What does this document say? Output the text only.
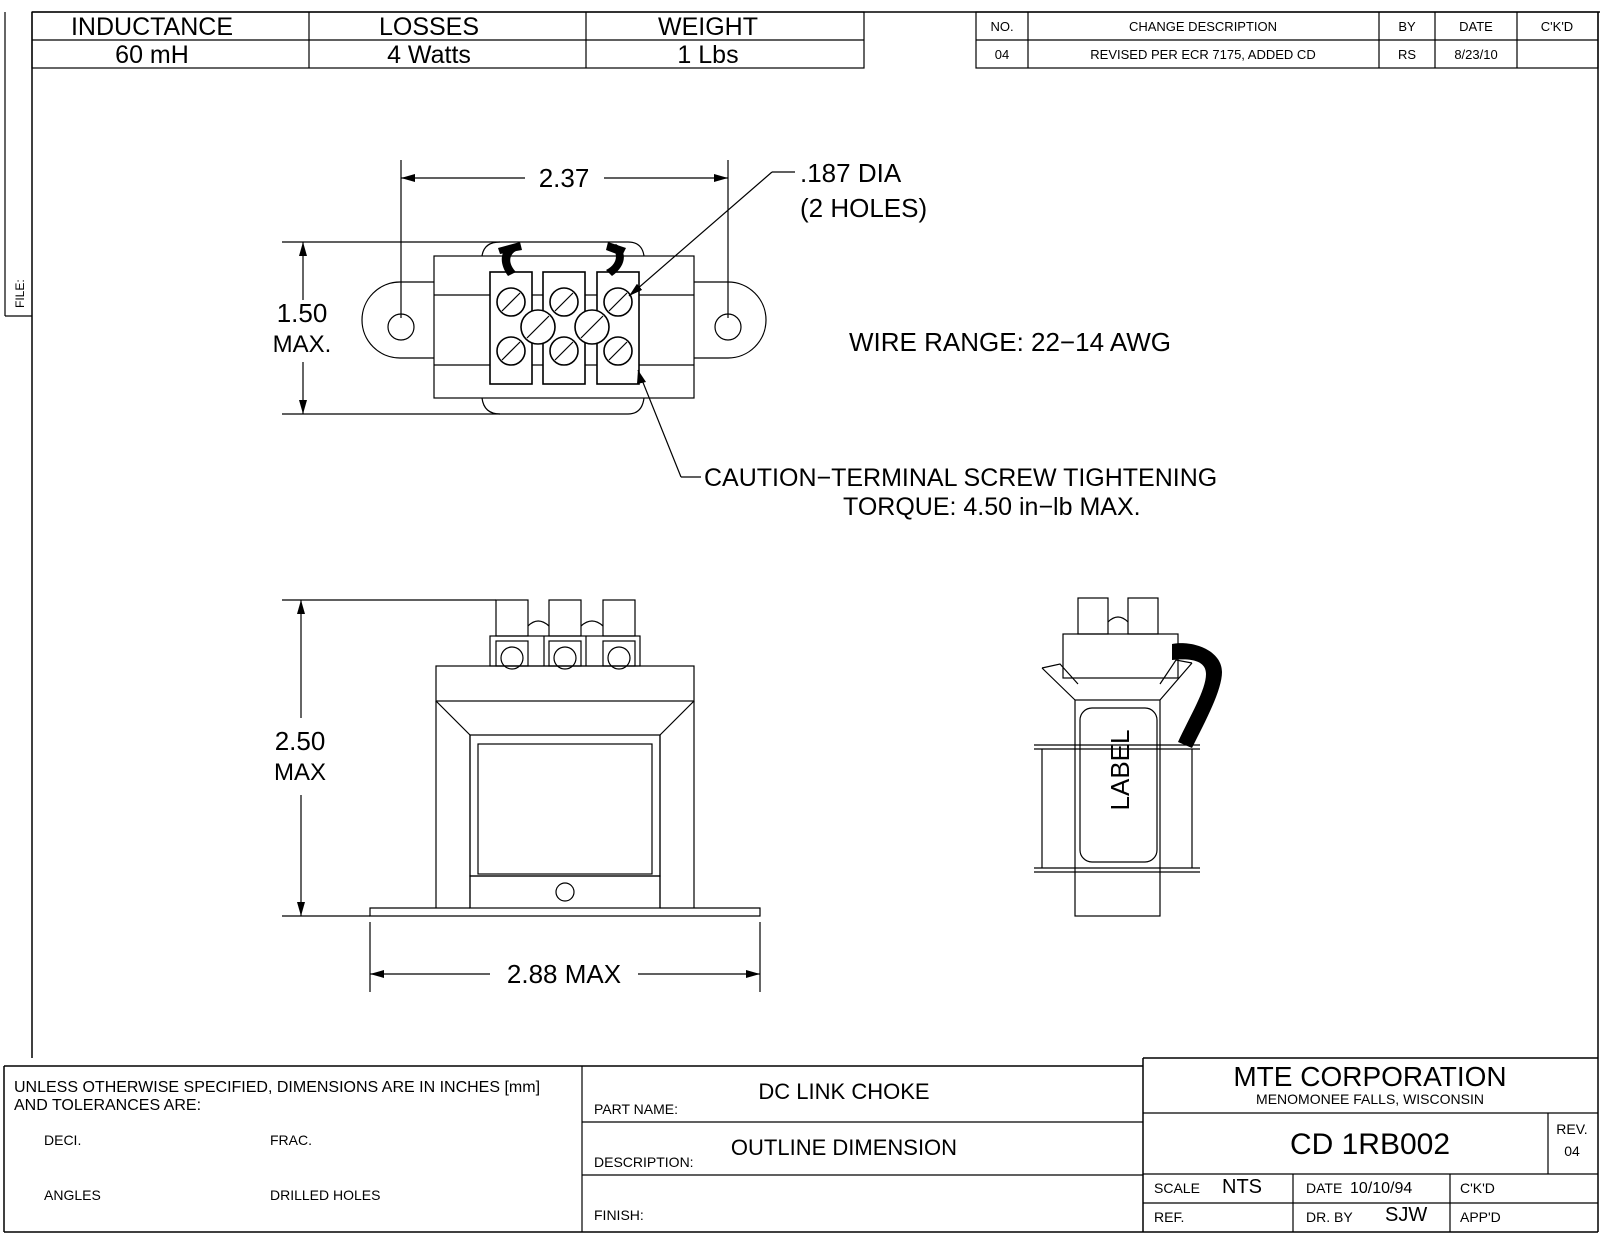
FILE:
INDUCTANCE	LOSSES	WEIGHT
60 mH	4 Watts	1 Lbs
NO.	CHANGE DESCRIPTION	BY	DATE	C'K'D
04	REVISED PER ECR 7175, ADDED CD	RS	8/23/10
2.37
1.50
MAX.
.187 DIA
(2 HOLES)
WIRE RANGE: 22−14 AWG
CAUTION−TERMINAL SCREW TIGHTENING
TORQUE: 4.50 in−lb MAX.
2.50
MAX
2.88 MAX
LABEL
UNLESS OTHERWISE SPECIFIED, DIMENSIONS ARE IN INCHES [mm]
AND TOLERANCES ARE:
DECI.	FRAC.
ANGLES	DRILLED HOLES
PART NAME:
DC LINK CHOKE
DESCRIPTION:
OUTLINE DIMENSION
FINISH:
MTE CORPORATION
MENOMONEE FALLS, WISCONSIN
CD 1RB002	REV.
04
SCALE NTS	DATE 10/10/94	C'K'D
REF.	DR. BY SJW APP'D
